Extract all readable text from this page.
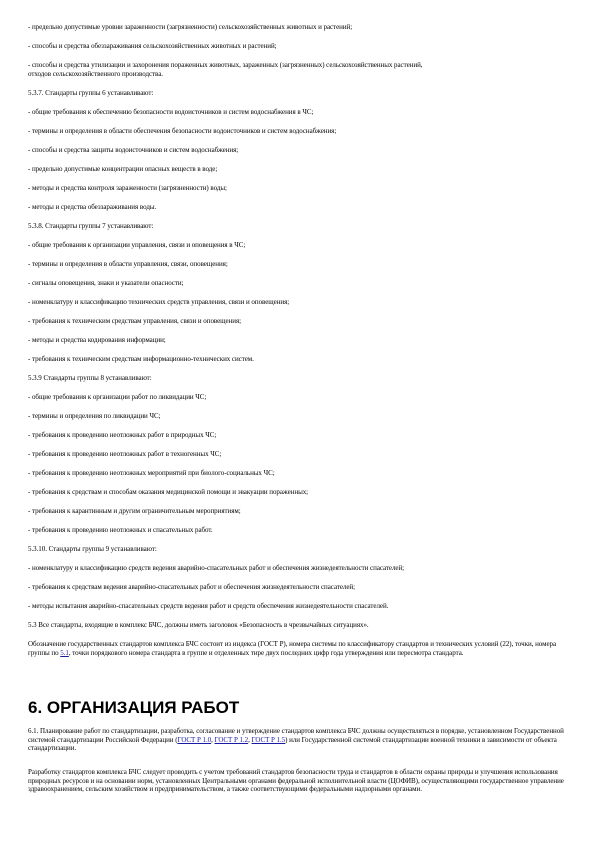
- предельно допустимые уровни зараженности (загрязненности) сельскохозяйственных животных и растений;
- способы и средства обеззараживания сельскохозяйственных животных и растений;
- способы и средства утилизации и захоронения пораженных животных, зараженных (загрязненных) сельскохозяйственных растений,
отходов сельскохозяйственного производства.
5.3.7. Стандарты группы 6 устанавливают:
- общие требования к обеспечению безопасности водоисточников и систем водоснабжения в ЧС;
- термины и определения в области обеспечения безопасности водоисточников и систем водоснабжения;
- способы и средства защиты водоисточников и систем водоснабжения;
- предельно допустимые концентрации опасных веществ в воде;
- методы и средства контроля зараженности (загрязненности) воды;
- методы и средства обеззараживания воды.
5.3.8. Стандарты группы 7 устанавливают:
- общие требования к организации управления, связи и оповещения в ЧС;
- термины и определения в области управления, связи, оповещения;
- сигналы оповещения, знаки и указатели опасности;
- номенклатуру и классификацию технических средств управления, связи и оповещения;
- требования к техническим средствам управления, связи и оповещения;
- методы и средства кодирования информации;
- требования к техническим средствам информационно-технических систем.
5.3.9 Стандарты группы 8 устанавливают:
- общие требования к организации работ по ликвидации ЧС;
- термины и определения по ликвидации ЧС;
- требования к проведению неотложных работ в природных ЧС;
- требования к проведению неотложных работ в техногенных ЧС;
- требования к проведению неотложных мероприятий при биолого-социальных ЧС;
- требования к средствам и способам оказания медицинской помощи и эвакуации пораженных;
- требования к карантинным и другим ограничительным мероприятиям;
- требования к проведению неотложных и спасательных работ.
5.3.10. Стандарты группы 9 устанавливают:
- номенклатуру и классификацию средств ведения аварийно-спасательных работ и обеспечения жизнедеятельности спасателей;
- требования к средствам ведения аварийно-спасательных работ и обеспечения жизнедеятельности спасателей;
- методы испытания аварийно-спасательных средств ведения работ и средств обеспечения жизнедеятельности спасателей.
5.3 Все стандарты, входящие в комплекс БЧС, должны иметь заголовок «Безопасность в чрезвычайных ситуациях».
Обозначение государственных стандартов комплекса БЧС состоит из индекса (ГОСТ Р), номера системы по классификатору стандартов и технических условий (22), точки, номера группы по 5.1, точки порядкового номера стандарта в группе и отделенных тире двух последних цифр года утверждения или пересмотра стандарта.
6. ОРГАНИЗАЦИЯ РАБОТ
6.1. Планирование работ по стандартизации, разработка, согласование и утверждение стандартов комплекса БЧС должны осуществляться в порядке, установленном Государственной системой стандартизации Российской Федерации (ГОСТ Р 1.0, ГОСТ Р 1.2, ГОСТ Р 1.5) или Государственной системой стандартизации военной техники в зависимости от объекта стандартизации.
Разработку стандартов комплекса БЧС следует проводить с учетом требований стандартов безопасности труда и стандартов в области охраны природы и улучшения использования природных ресурсов и на основании норм, установленных Центральными органами федеральной исполнительной власти (ЦОФИВ), осуществляющими государственное управление здравоохранением, сельским хозяйством и предпринимательством, а также соответствующими федеральными надзорными органами.
